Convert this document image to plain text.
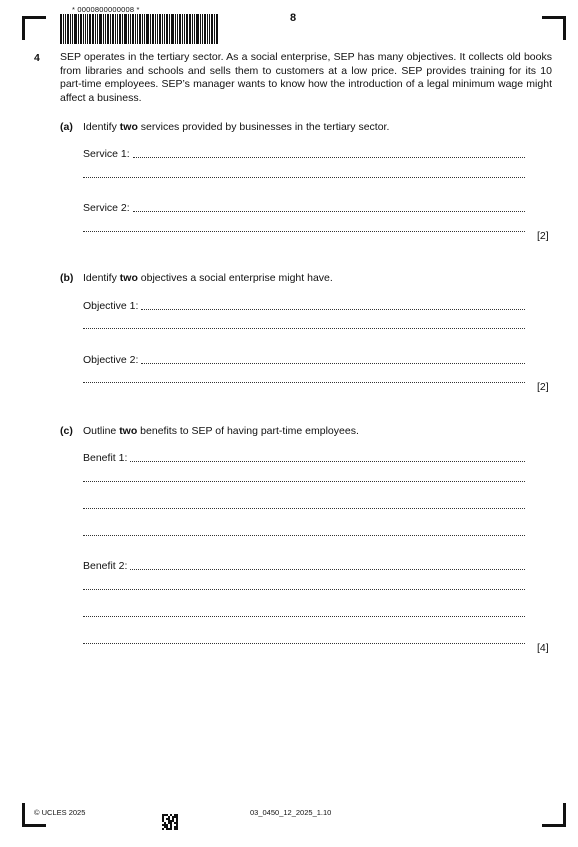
* 0000800000008 *
8
4 SEP operates in the tertiary sector. As a social enterprise, SEP has many objectives. It collects old books from libraries and schools and sells them to customers at a low price. SEP provides training for its 10 part-time employees. SEP’s manager wants to know how the introduction of a legal minimum wage might affect a business.
(a) Identify two services provided by businesses in the tertiary sector.
Service 1:

Service 2:

[2]
(b) Identify two objectives a social enterprise might have.
Objective 1:

Objective 2:

[2]
(c) Outline two benefits to SEP of having part-time employees.
Benefit 1:

Benefit 2:

[4]
© UCLES 2025	03_0450_12_2025_1.10
